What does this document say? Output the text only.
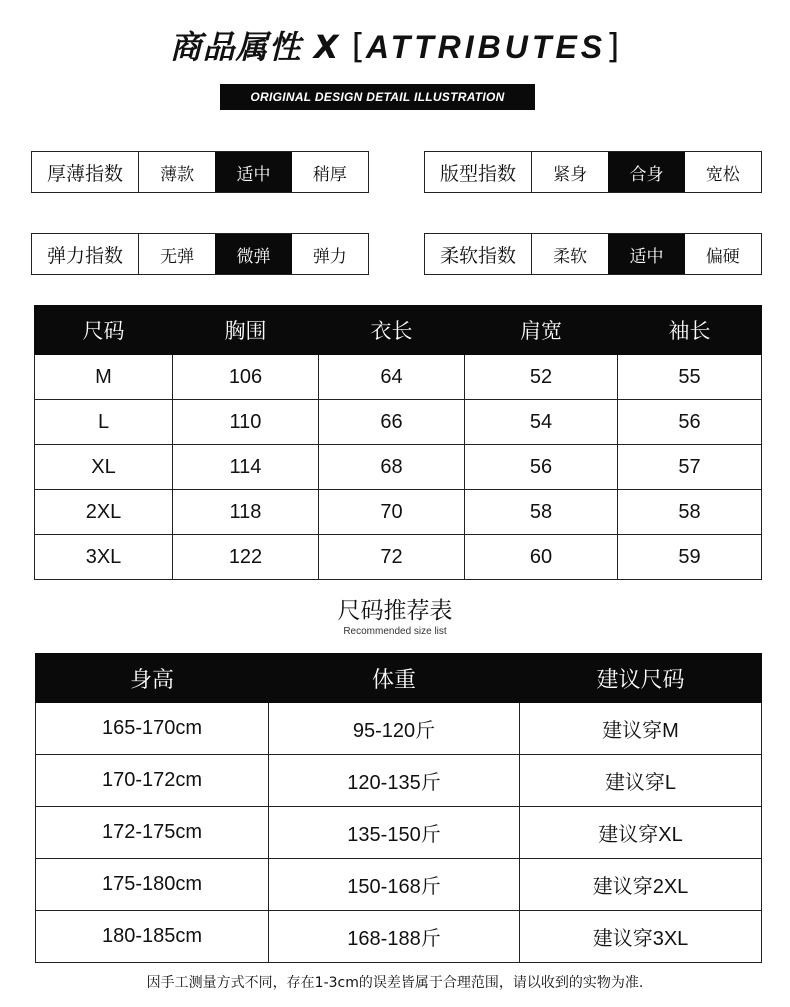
商品属性 X [ATTRIBUTES]
ORIGINAL DESIGN DETAIL ILLUSTRATION
厚薄指数	薄款	适中	稍厚	版型指数	紧身	合身	宽松
弹力指数	无弹	微弹	弹力	柔软指数	柔软	适中	偏硬
尺码	胸围	衣长	肩宽	袖长
M	106	64	52	55
L	110	66	54	56
XL	114	68	56	57
2XL	118	70	58	58
3XL	122	72	60	59
尺码推荐表
Recommended size list
身高	体重	建议尺码
165-170cm	95-120斤	建议穿M
170-172cm	120-135斤	建议穿L
172-175cm	135-150斤	建议穿XL
175-180cm	150-168斤	建议穿2XL
180-185cm	168-188斤	建议穿3XL
因手工测量方式不同，存在1-3cm的误差皆属于合理范围，请以收到的实物为准.
